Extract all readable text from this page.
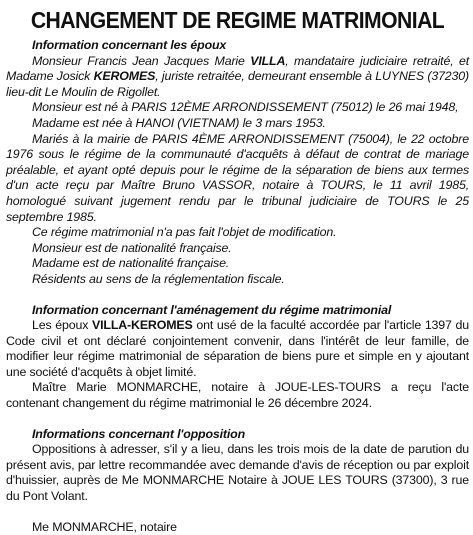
CHANGEMENT DE REGIME MATRIMONIAL

Information concernant les époux

Monsieur Francis Jean Jacques Marie VILLA, mandataire judiciaire retraité, et Madame Josick KEROMES, juriste retraitée, demeurant ensemble à LUYNES (37230) lieu-dit Le Moulin de Rigollet.

Monsieur est né à PARIS 12ÈME ARRONDISSEMENT (75012) le 26 mai 1948,

Madame est née à HANOI (VIETNAM) le 3 mars 1953.

Mariés à la mairie de PARIS 4ÈME ARRONDISSEMENT (75004), le 22 octobre 1976 sous le régime de la communauté d'acquêts à défaut de contrat de mariage préalable, et ayant opté depuis pour le régime de la séparation de biens aux termes d'un acte reçu par Maître Bruno VASSOR, notaire à TOURS, le 11 avril 1985, homologué suivant jugement rendu par le tribunal judiciaire de TOURS le 25 septembre 1985.

Ce régime matrimonial n'a pas fait l'objet de modification.

Monsieur est de nationalité française.

Madame est de nationalité française.

Résidents au sens de la réglementation fiscale.

Information concernant l'aménagement du régime matrimonial

Les époux VILLA-KEROMES ont usé de la faculté accordée par l'article 1397 du Code civil et ont déclaré conjointement convenir, dans l'intérêt de leur famille, de modifier leur régime matrimonial de séparation de biens pure et simple en y ajoutant une société d'acquêts à objet limité.

Maître Marie MONMARCHE, notaire à JOUE-LES-TOURS a reçu l'acte contenant changement du régime matrimonial le 26 décembre 2024.

Informations concernant l'opposition

Oppositions à adresser, s'il y a lieu, dans les trois mois de la date de parution du présent avis, par lettre recommandée avec demande d'avis de réception ou par exploit d'huissier, auprès de Me MONMARCHE Notaire à JOUE LES TOURS (37300), 3 rue du Pont Volant.

Me MONMARCHE, notaire
